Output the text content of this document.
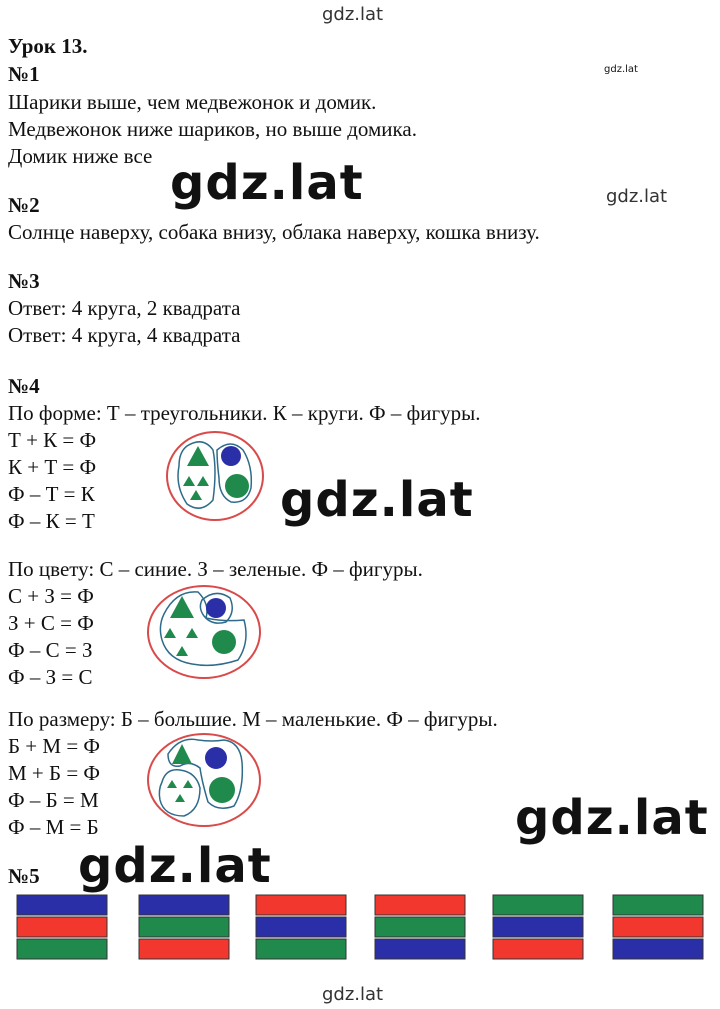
gdz.lat
gdz.lat
gdz.lat
gdz.lat
gdz.lat
gdz.lat
gdz.lat
gdz.lat
Урок 13.
№1
Шарики выше, чем медвежонок и домик.
Медвежонок ниже шариков, но выше домика.
Домик ниже все
№2
Солнце наверху, собака внизу, облака наверху, кошка внизу.
№3
Ответ: 4 круга, 2 квадрата
Ответ: 4 круга, 4 квадрата
№4
По форме: Т – треугольники. К – круги. Ф – фигуры.
Т + К = Ф
К + Т = Ф
Ф – Т = К
Ф – К = Т
По цвету: С – синие. З – зеленые. Ф – фигуры.
С + З = Ф
З + С = Ф
Ф – С = З
Ф – З = С
По размеру: Б – большие. М – маленькие. Ф – фигуры.
Б + М = Ф
М + Б = Ф
Ф – Б = М
Ф – М = Б
№5
